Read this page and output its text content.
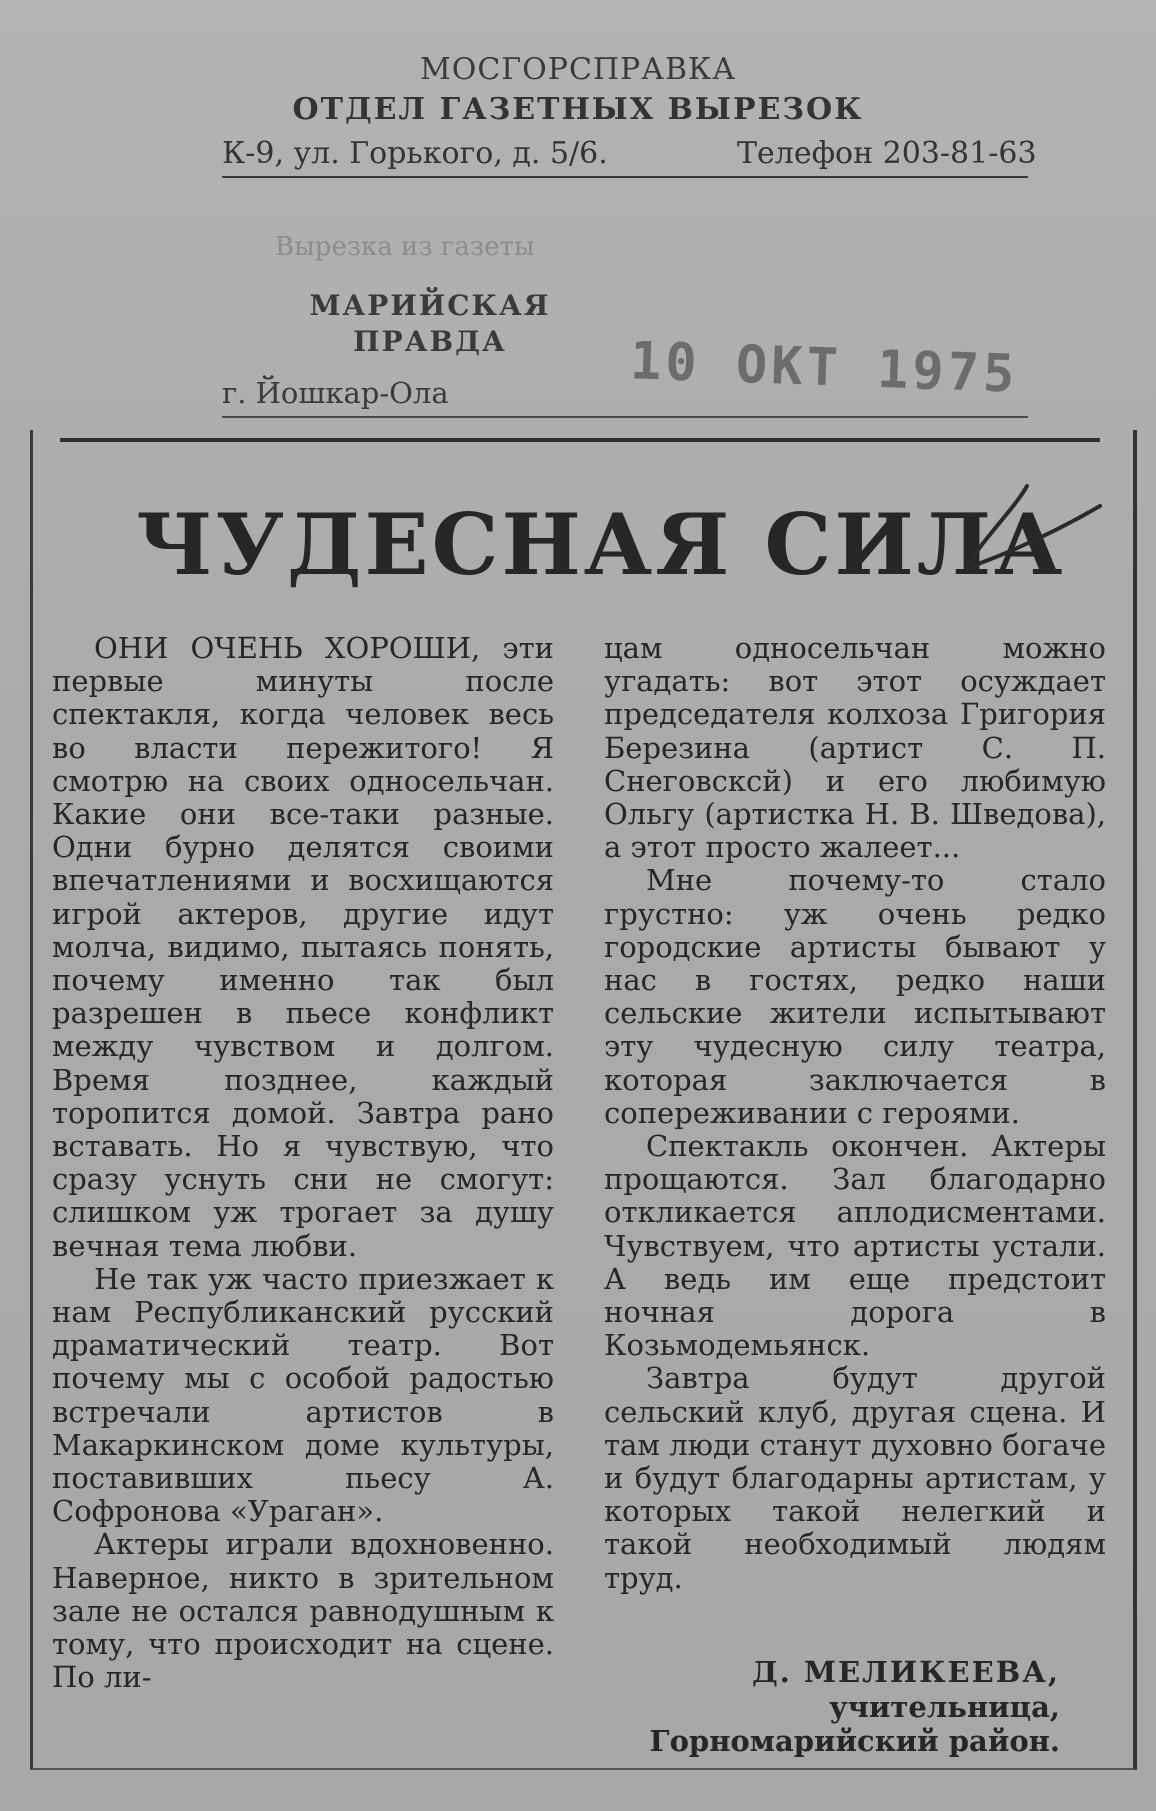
МОСГОРСПРАВКА
ОТДЕЛ ГАЗЕТНЫХ ВЫРЕЗОК
К-9, ул. Горького, д. 5/6.	Телефон 203-81-63
Вырезка из газеты
МАРИЙСКАЯ ПРАВДА
г. Йошкар-Ола	10 ОКТ 1975
ЧУДЕСНАЯ СИЛА

ОНИ ОЧЕНЬ ХОРОШИ, эти первые минуты после спектакля, когда человек весь во власти пережитого! Я смотрю на своих односельчан. Какие они все-таки разные. Одни бурно делятся своими впечатлениями и восхищаются игрой актеров, другие идут молча, видимо, пытаясь понять, почему именно так был разрешен в пьесе конфликт между чувством и долгом. Время позднее, каждый торопится домой. Завтра рано вставать. Но я чувствую, что сразу уснуть сни не смогут: слишком уж трогает за душу вечная тема любви.

Не так уж часто приезжает к нам Республиканский русский драматический театр. Вот почему мы с особой радостью встречали артистов в Макаркинском доме культуры, поставивших пьесу А. Софронова «Ураган».

Актеры играли вдохновенно. Наверное, никто в зрительном зале не остался равнодушным к тому, что происходит на сцене. По ли-

цам односельчан можно угадать: вот этот осуждает председателя колхоза Григория Березина (артист С. П. Снеговсксй) и его любимую Ольгу (артистка Н. В. Шведова), а этот просто жалеет...

Мне почему-то стало грустно: уж очень редко городские артисты бывают у нас в гостях, редко наши сельские жители испытывают эту чудесную силу театра, которая заключается в сопереживании с героями.

Спектакль окончен. Актеры прощаются. Зал благодарно откликается аплодисментами. Чувствуем, что артисты устали. А ведь им еще предстоит ночная дорога в Козьмодемьянск.

Завтра будут другой сельский клуб, другая сцена. И там люди станут духовно богаче и будут благодарны артистам, у которых такой нелегкий и такой необходимый людям труд.

Д. МЕЛИКЕЕВА,
учительница,
Горномарийский район.
